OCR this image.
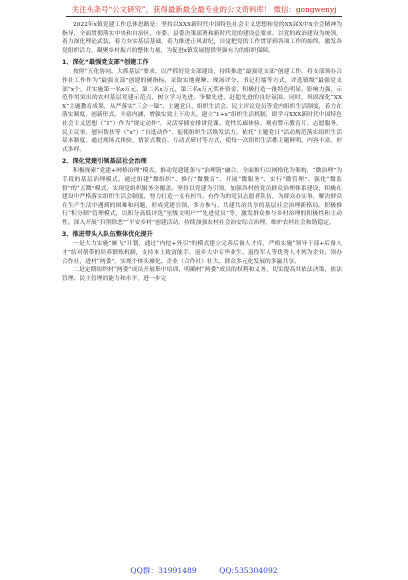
关注头条号“公文研究”，获得最新最全最专业的公文资料库！ 微信：gongwenyj

2022年x镇党建工作总体思路是：坚持以XXX新时代中国特色社会主义思想和党的XX届X中X全会精神为指导，全面贯彻落实中央和自治区、市委、县委决策部署和新时代党的建设总要求，以党的政治建设为统领，着力深化理论武装，着力夯实基层基础，着力推进正风肃纪，自觉把党的工作贯穿到各项工作的始终，激发各党组织活力，凝聚乡村振兴的整体力量，为促进x镇发展提供坚强有力的组织保障。

1、深化“最强党支部”创建工作

按照“五化协同、大抓基层”要求，以严抓好党支部建设，持续推进“最强党支部”创建工作。将支部领办合作社工作作为“最强支部”创建的硬指标，采取实地观摩、现场评分、书记打擂等方式，评选镇级“最强党支部”x个，并实施第一名x万元、第二名x万元、第三名x万元奖补资金，积极打造一批特色明显、影响力强，示范作用突出的农村基层党建示范点，树立学习先进、争做先进、赶超先进的良好氛围。同时，巩固深化“XXX”主题教育成果，从严落实“三会一课”、主题党日、组织生活会、民主评议党员等党内组织生活制度，着力在落实制度、创新形式、丰富内涵、增强实效上下功夫。建立“1+x”组织生活机制，即学习XXX新时代中国特色社会主义思想（“1”）作为“规定动作”，灵活穿插安排讲党课、党性长廊体验、观看警示教育片、志愿服务、民主议事、慰问帮扶等（“x”）“自选动作”，促使组织生活焕发活力。依托“主题党日”活动规范落实组织生活基本制度，通过现场式体验、情景式教育、互动式研讨等方式，使每一次组织生活都主题鲜明、内容丰富、形式多样。

2、深化党建引领基层社会治理

积极探索“党建+网格治理”模式，推动党建链条与“治理链”融合，全面推行以网格化为架构，“微治理”为手段的基层治理模式，通过组建“微组织”、推行“微教育”、开展“微服务”、实行“微管理”、强化“微监督”的“五微”模式，实现党组织服务全覆盖。坚持以党建为引领，加强各村的党员群众治理体系建设，积极在建设中严格落实组织生活会制度，努力打造一支有担当、有作为的党员志愿者队伍，为群众办实事，解决群众在生产生活中遇到的困难和问题，形成党建引领、多方参与、共建共治共享的基层社会治理新格局。积极推行“积分制”管理模式，以积分高低评选“星级文明户”“先进党员”等，激发群众参与乡村治理的积极性和主动性。深入开展“扫黑除恶”“平安乡村”创建活动，持续加强农村社会治安综合治理，维护农村社会和谐稳定。

3、推进带头人队伍整体优化提升

一是大力实施“雁飞”计划，通过“内挖+外引”的模式建立完善后备人才库，严格实施“领导干部+后备人才”结对帮带的培养锻炼机制，支持本土致富能手、返乡大中专毕业生、退役军人等优秀人才列为企业、领办合作社，进村“两委”，实现个体头雁化、企业（合作社）壮大、群众多元化发展的多赢共享。

二是定期组织村“两委”成员开展集中培训，明确村“两委”成员的权利和义务，切实提高其依法决策、依法管理、民主管理的能力和水平，进一步完

QQ群：31991489	QQ:535304092
